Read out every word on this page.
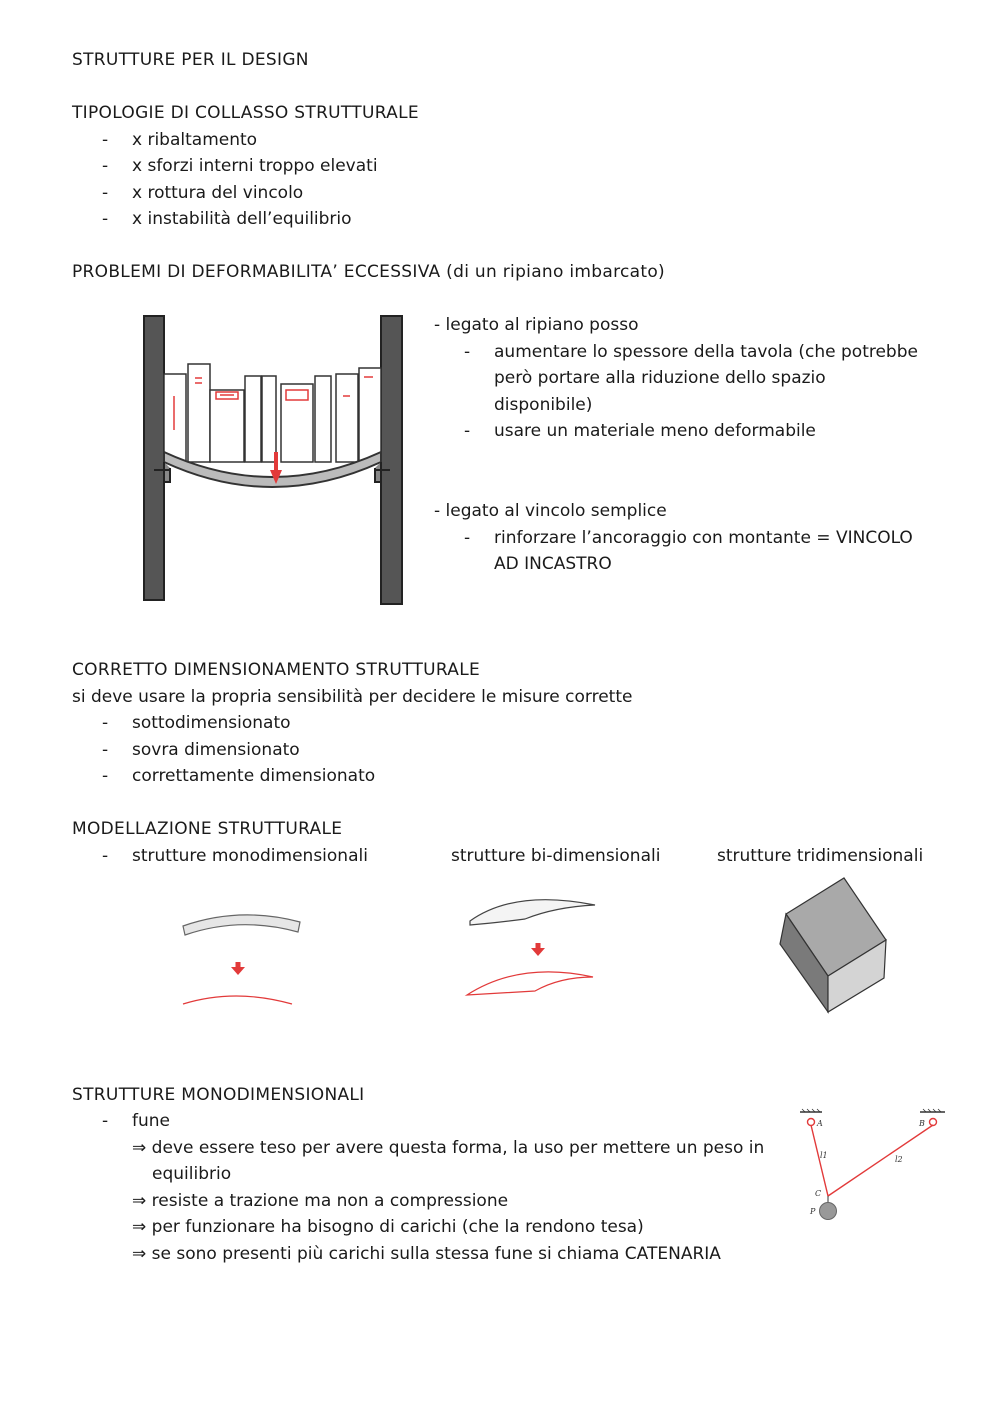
STRUTTURE PER IL DESIGN
TIPOLOGIE DI COLLASSO STRUTTURALE
- x ribaltamento
- x sforzi interni troppo elevati
- x rottura del vincolo
- x instabilità dell’equilibrio
PROBLEMI DI DEFORMABILITA’ ECCESSIVA (di un ripiano imbarcato)
- legato al ripiano posso
- aumentare lo spessore della tavola (che potrebbe
però portare alla riduzione dello spazio
disponibile)
- usare un materiale meno deformabile
- legato al vincolo semplice
- rinforzare l’ancoraggio con montante = VINCOLO
AD INCASTRO
CORRETTO DIMENSIONAMENTO STRUTTURALE
si deve usare la propria sensibilità per decidere le misure corrette
- sottodimensionato
- sovra dimensionato
- correttamente dimensionato
MODELLAZIONE STRUTTURALE
- strutture monodimensionali	strutture bi-dimensionali	strutture tridimensionali
STRUTTURE MONODIMENSIONALI
- fune
⇒ deve essere teso per avere questa forma, la uso per mettere un peso in
equilibrio
⇒ resiste a trazione ma non a compressione
⇒ per funzionare ha bisogno di carichi (che la rendono tesa)
⇒ se sono presenti più carichi sulla stessa fune si chiama CATENARIA
A	B
C
P
l1	l2
